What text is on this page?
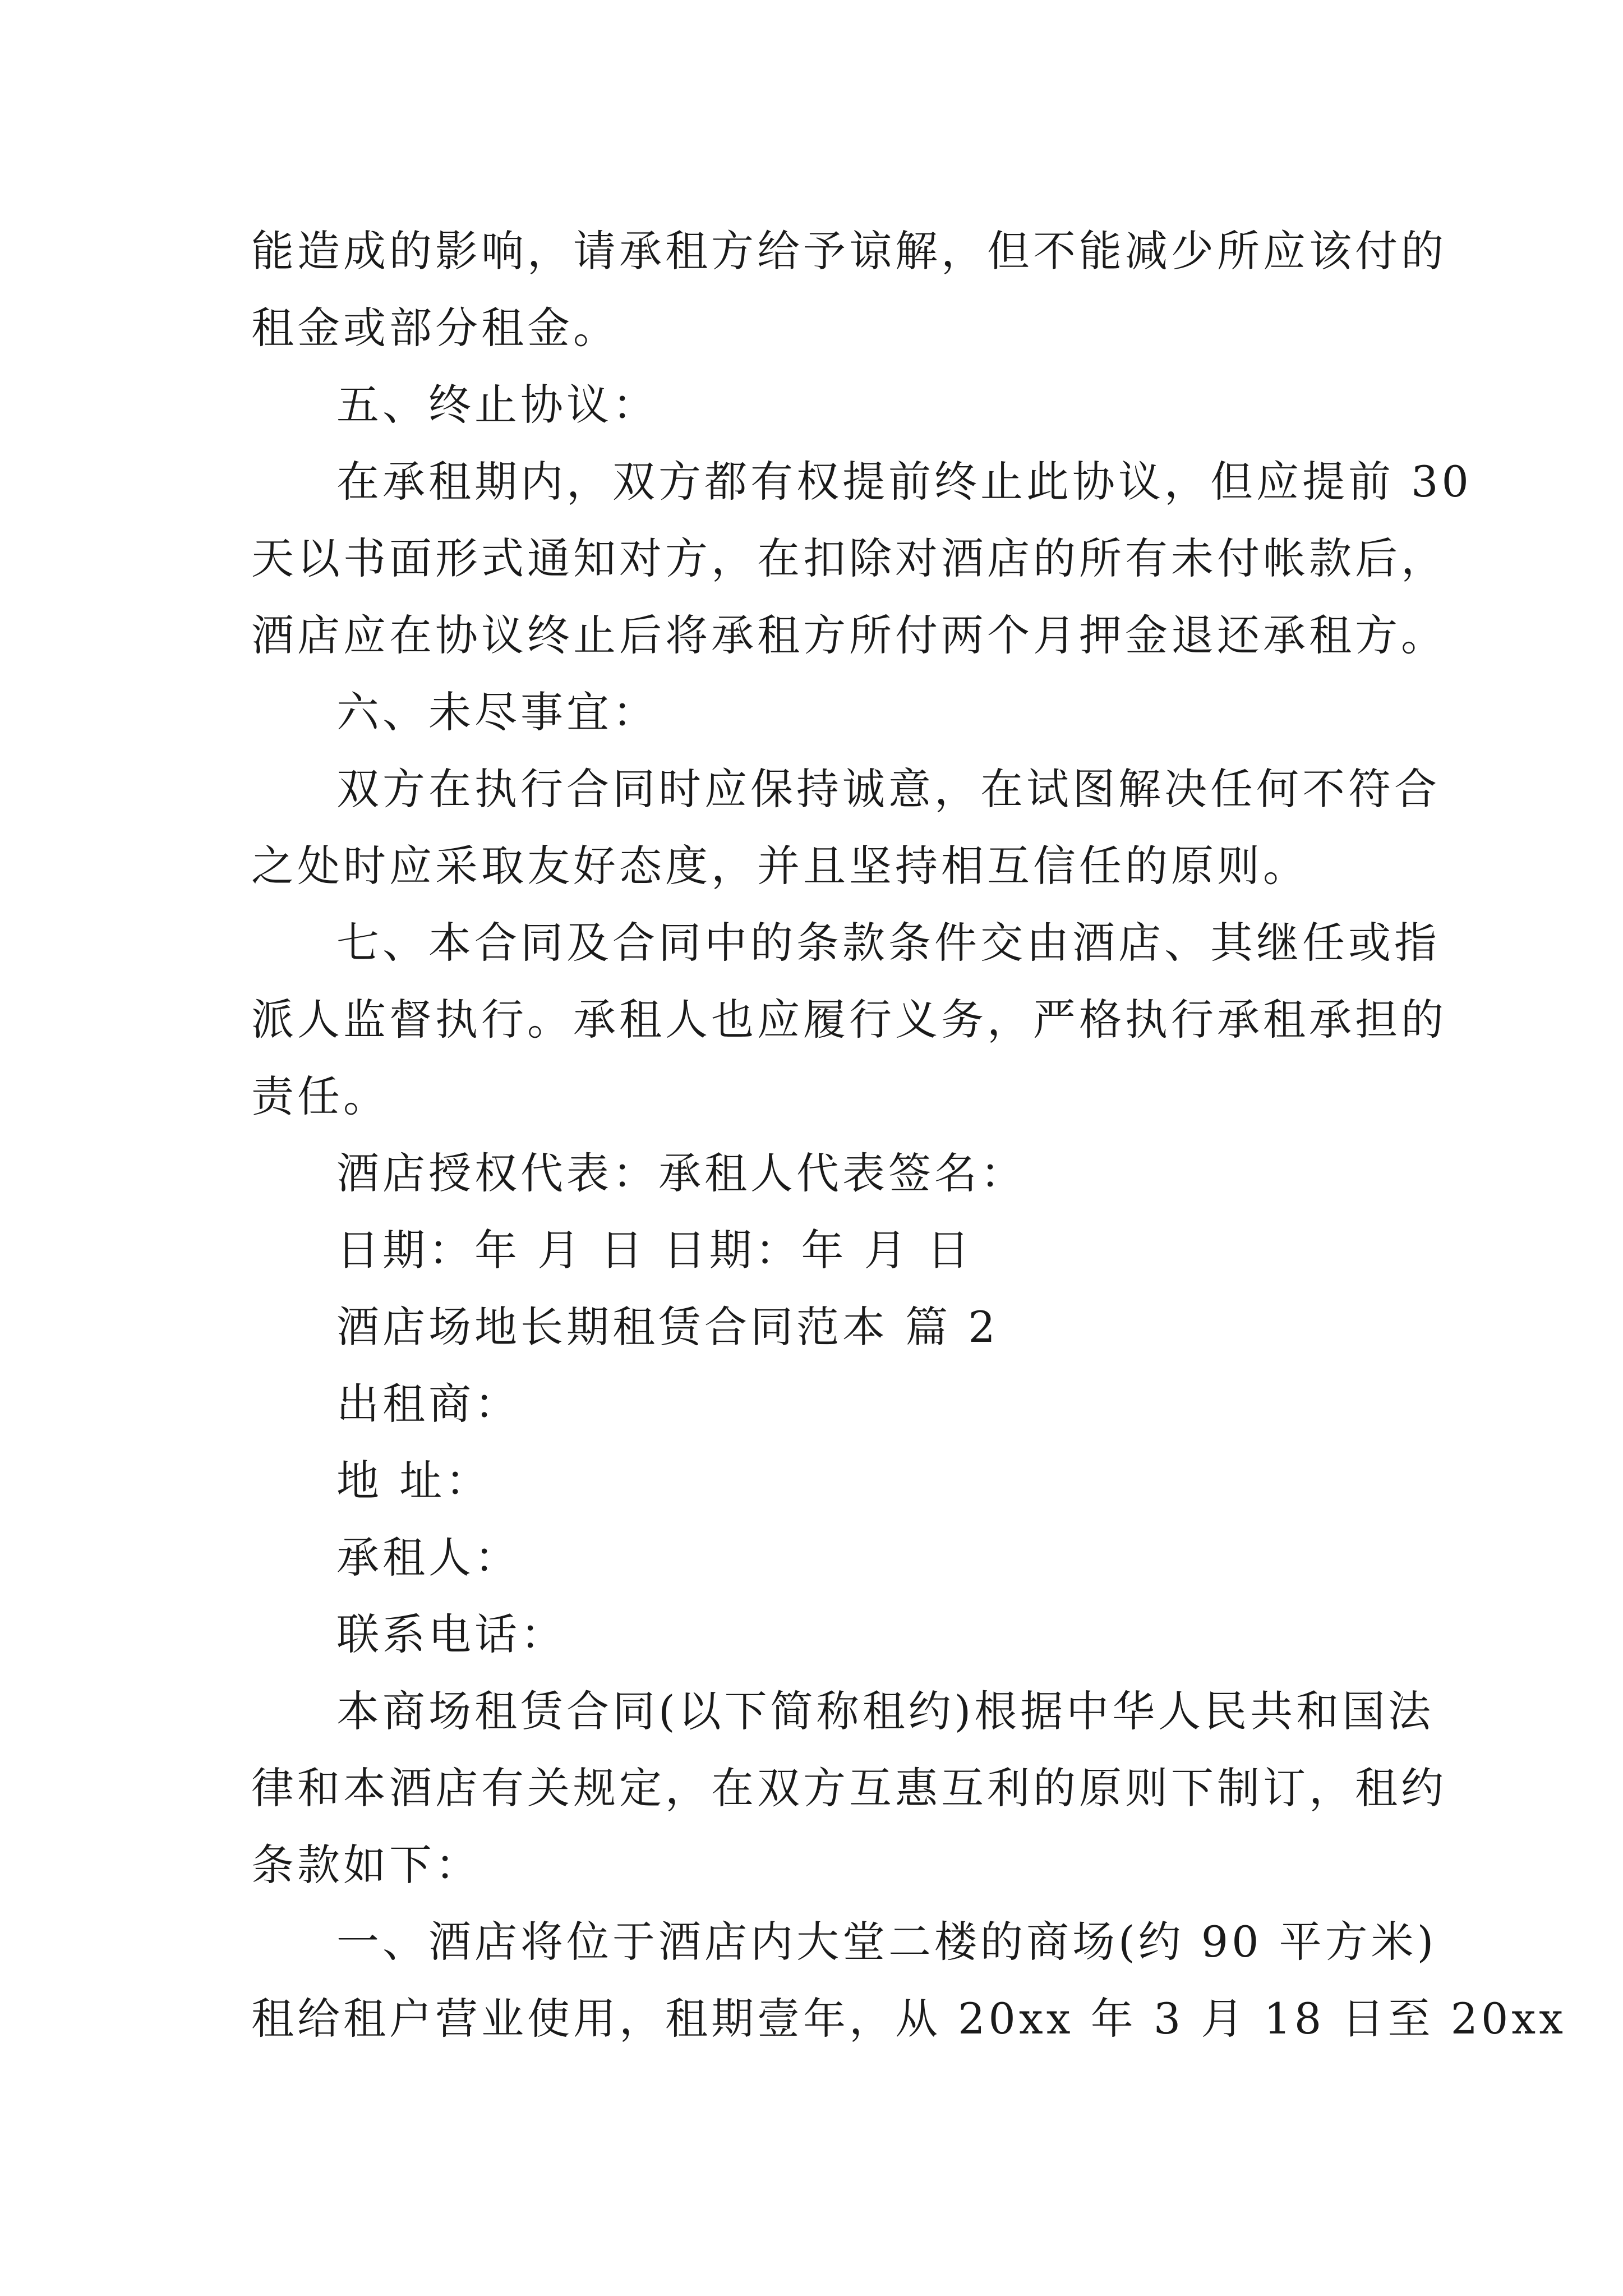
能造成的影响，请承租方给予谅解，但不能减少所应该付的
租金或部分租金。
五、终止协议：
在承租期内，双方都有权提前终止此协议，但应提前 30
天以书面形式通知对方，在扣除对酒店的所有未付帐款后，
酒店应在协议终止后将承租方所付两个月押金退还承租方。
六、未尽事宜：
双方在执行合同时应保持诚意，在试图解决任何不符合
之处时应采取友好态度，并且坚持相互信任的原则。
七、本合同及合同中的条款条件交由酒店、其继任或指
派人监督执行。承租人也应履行义务，严格执行承租承担的
责任。
酒店授权代表：承租人代表签名：
日期：年 月 日 日期：年 月 日
酒店场地长期租赁合同范本 篇 2
出租商：
地 址：
承租人：
联系电话：
本商场租赁合同(以下简称租约)根据中华人民共和国法
律和本酒店有关规定，在双方互惠互利的原则下制订，租约
条款如下：
一、酒店将位于酒店内大堂二楼的商场(约 90 平方米)
租给租户营业使用，租期壹年，从 20xx 年 3 月 18 日至 20xx
